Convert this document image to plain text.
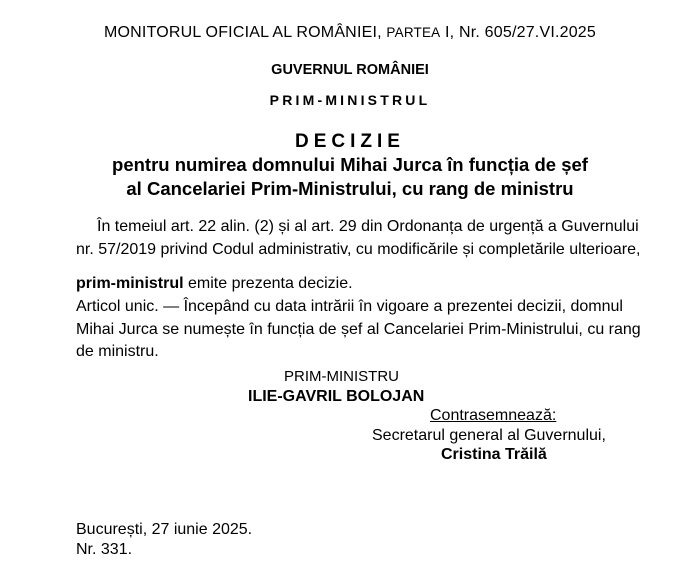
MONITORUL OFICIAL AL ROMÂNIEI, PARTEA I, Nr. 605/27.VI.2025
GUVERNUL ROMÂNIEI
PRIM-MINISTRUL
DECIZIE
pentru numirea domnului Mihai Jurca în funcția de șef
al Cancelariei Prim-Ministrului, cu rang de ministru
În temeiul art. 22 alin. (2) și al art. 29 din Ordonanța de urgență a Guvernului
nr. 57/2019 privind Codul administrativ, cu modificările și completările ulterioare,
prim-ministrul emite prezenta decizie.
Articol unic. — Începând cu data intrării în vigoare a prezentei decizii, domnul
Mihai Jurca se numește în funcția de șef al Cancelariei Prim-Ministrului, cu rang
de ministru.
PRIM-MINISTRU
ILIE-GAVRIL BOLOJAN
Contrasemnează:
Secretarul general al Guvernului,
Cristina Trăilă
București, 27 iunie 2025.
Nr. 331.
